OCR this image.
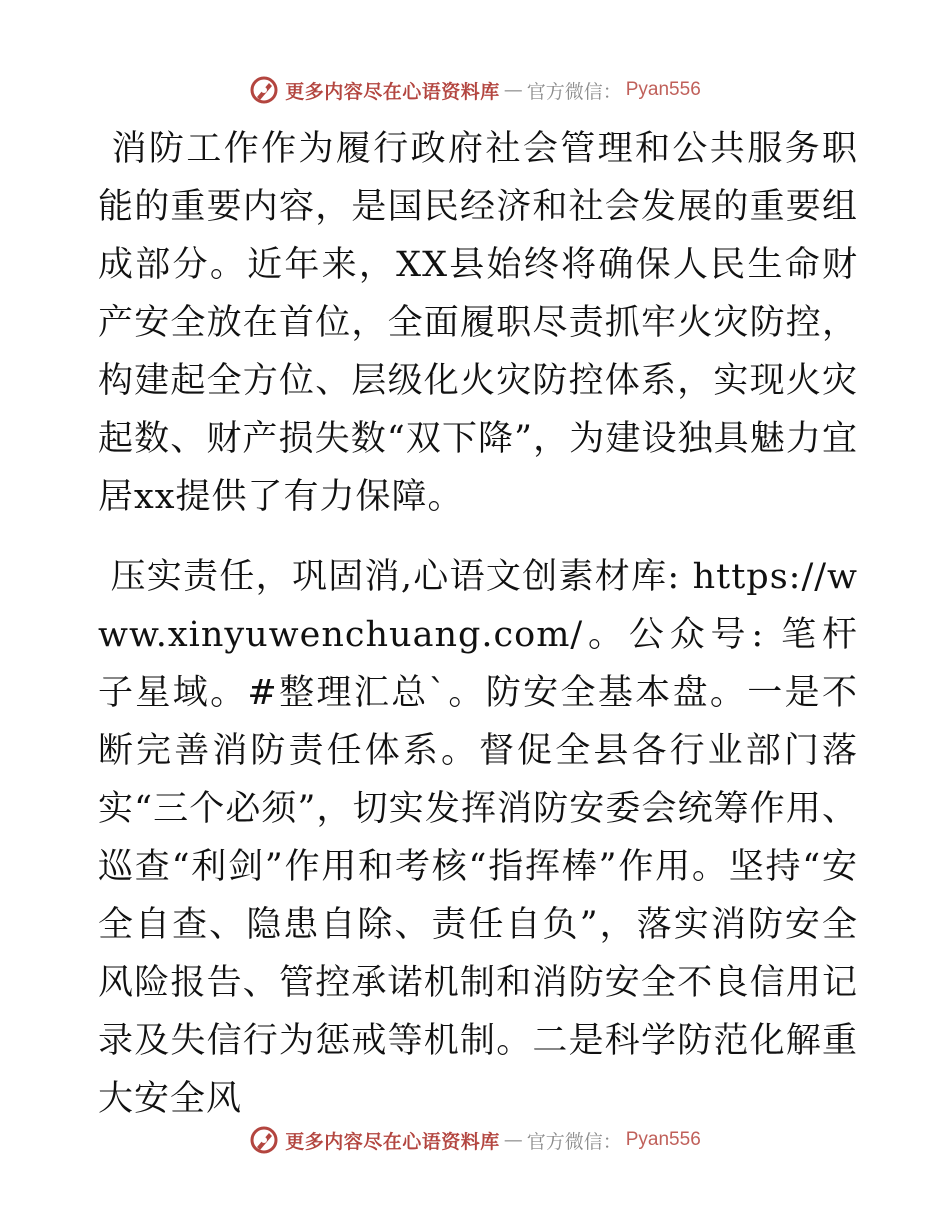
更多内容尽在心语资料库 — 官方微信： Pyan556

消防工作作为履行政府社会管理和公共服务职能的重要内容，是国民经济和社会发展的重要组成部分。近年来，XX县始终将确保人民生命财产安全放在首位，全面履职尽责抓牢火灾防控，构建起全方位、层级化火灾防控体系，实现火灾起数、财产损失数“双下降”，为建设独具魅力宜居xx提供了有力保障。

压实责任，巩固消,心语文创素材库: https://www.xinyuwenchuang.com/。公众号: 笔杆子星域。#整理汇总`。防安全基本盘。一是不断完善消防责任体系。督促全县各行业部门落实“三个必须”，切实发挥消防安委会统筹作用、巡查“利剑”作用和考核“指挥棒”作用。坚持“安全自查、隐患自除、责任自负”，落实消防安全风险报告、管控承诺机制和消防安全不良信用记录及失信行为惩戒等机制。二是科学防范化解重大安全风

更多内容尽在心语资料库 — 官方微信： Pyan556
